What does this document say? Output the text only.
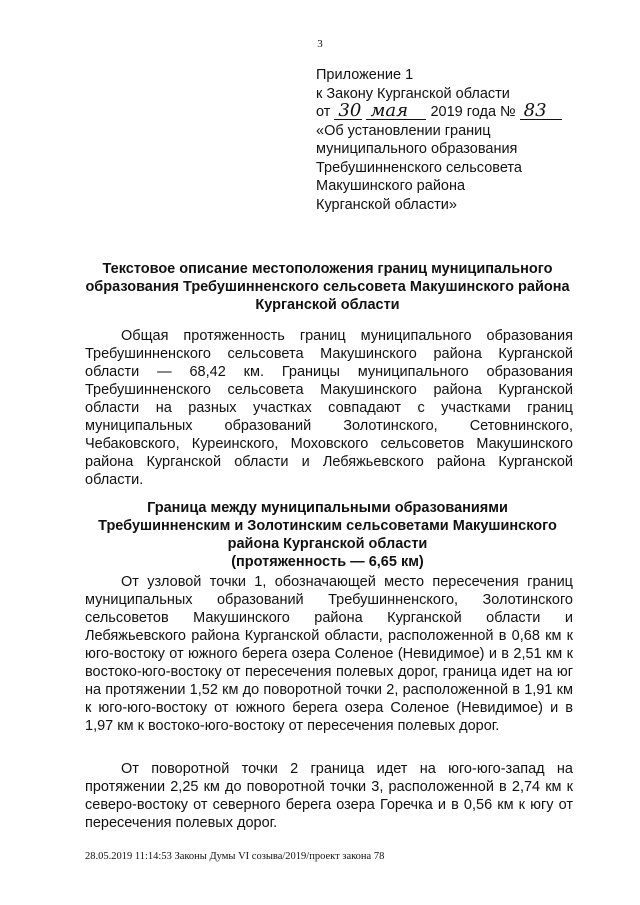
3
Приложение 1
к Закону Курганской области
от 30 мая 2019 года № 83
«Об установлении границ
муниципального образования
Требушинненского сельсовета
Макушинского района
Курганской области»
Текстовое описание местоположения границ муниципального образования Требушинненского сельсовета Макушинского района Курганской области

Общая протяженность границ муниципального образования Требушинненского сельсовета Макушинского района Курганской области — 68,42 км. Границы муниципального образования Требушинненского сельсовета Макушинского района Курганской области на разных участках совпадают с участками границ муниципальных образований Золотинского, Сетовнинского, Чебаковского, Куреинского, Моховского сельсоветов Макушинского района Курганской области и Лебяжьевского района Курганской области.

Граница между муниципальными образованиями Требушинненским и Золотинским сельсоветами Макушинского района Курганской области
(протяженность — 6,65 км)

От узловой точки 1, обозначающей место пересечения границ муниципальных образований Требушинненского, Золотинского сельсоветов Макушинского района Курганской области и Лебяжьевского района Курганской области, расположенной в 0,68 км к юго-востоку от южного берега озера Соленое (Невидимое) и в 2,51 км к востоко-юго-востоку от пересечения полевых дорог, граница идет на юг на протяжении 1,52 км до поворотной точки 2, расположенной в 1,91 км к юго-юго-востоку от южного берега озера Соленое (Невидимое) и в 1,97 км к востоко-юго-востоку от пересечения полевых дорог.

От поворотной точки 2 граница идет на юго-юго-запад на протяжении 2,25 км до поворотной точки 3, расположенной в 2,74 км к северо-востоку от северного берега озера Горечка и в 0,56 км к югу от пересечения полевых дорог.

28.05.2019 11:14:53 Законы Думы VI созыва/2019/проект закона 78
